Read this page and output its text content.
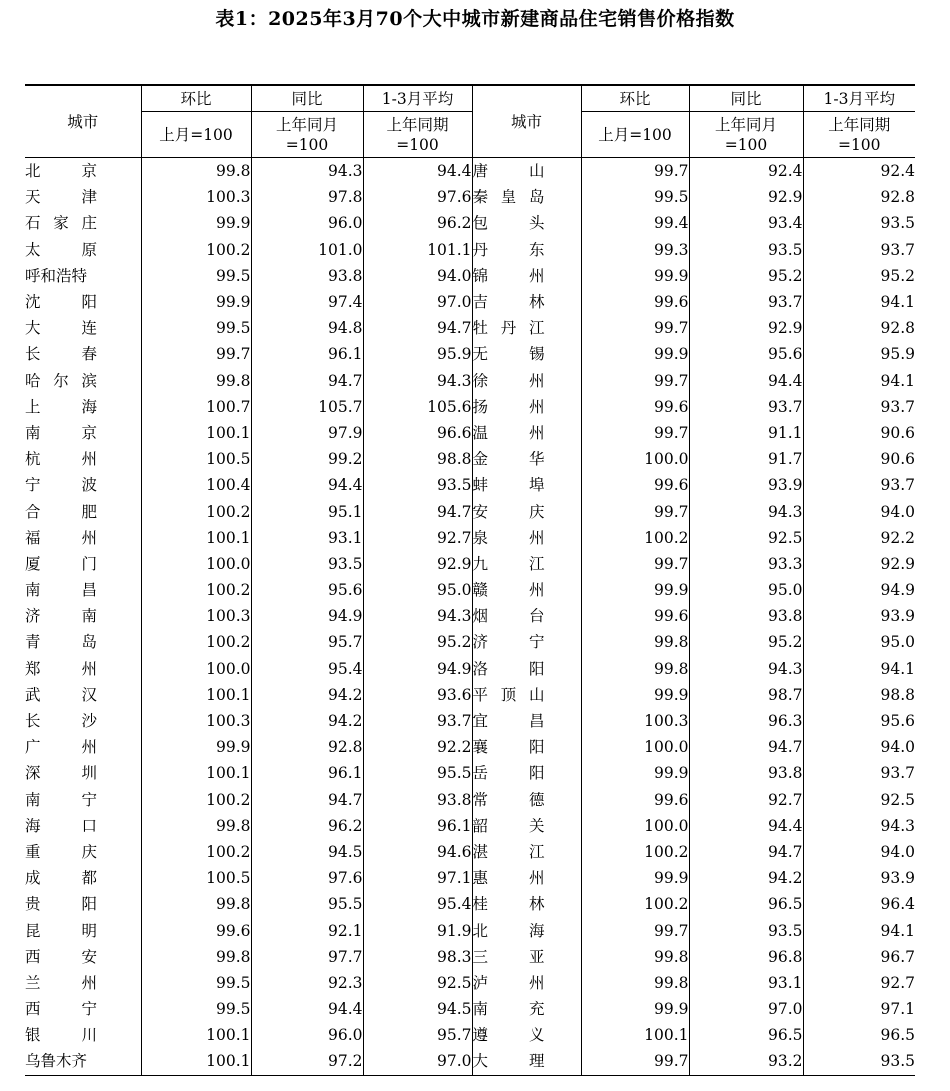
表1：2025年3月70个大中城市新建商品住宅销售价格指数
城市	环比	同比	1-3月平均	城市	环比	同比	1-3月平均
	上月=100	上年同月=100	上年同期=100		上月=100	上年同月=100	上年同期=100

北京	99.8	94.3	94.4	唐山	99.7	92.4	92.4
天津	100.3	97.8	97.6	秦皇岛	99.5	92.9	92.8
石家庄	99.9	96.0	96.2	包头	99.4	93.4	93.5
太原	100.2	101.0	101.1	丹东	99.3	93.5	93.7
呼和浩特	99.5	93.8	94.0	锦州	99.9	95.2	95.2
沈阳	99.9	97.4	97.0	吉林	99.6	93.7	94.1
大连	99.5	94.8	94.7	牡丹江	99.7	92.9	92.8
长春	99.7	96.1	95.9	无锡	99.9	95.6	95.9
哈尔滨	99.8	94.7	94.3	徐州	99.7	94.4	94.1
上海	100.7	105.7	105.6	扬州	99.6	93.7	93.7
南京	100.1	97.9	96.6	温州	99.7	91.1	90.6
杭州	100.5	99.2	98.8	金华	100.0	91.7	90.6
宁波	100.4	94.4	93.5	蚌埠	99.6	93.9	93.7
合肥	100.2	95.1	94.7	安庆	99.7	94.3	94.0
福州	100.1	93.1	92.7	泉州	100.2	92.5	92.2
厦门	100.0	93.5	92.9	九江	99.7	93.3	92.9
南昌	100.2	95.6	95.0	赣州	99.9	95.0	94.9
济南	100.3	94.9	94.3	烟台	99.6	93.8	93.9
青岛	100.2	95.7	95.2	济宁	99.8	95.2	95.0
郑州	100.0	95.4	94.9	洛阳	99.8	94.3	94.1
武汉	100.1	94.2	93.6	平顶山	99.9	98.7	98.8
长沙	100.3	94.2	93.7	宜昌	100.3	96.3	95.6
广州	99.9	92.8	92.2	襄阳	100.0	94.7	94.0
深圳	100.1	96.1	95.5	岳阳	99.9	93.8	93.7
南宁	100.2	94.7	93.8	常德	99.6	92.7	92.5
海口	99.8	96.2	96.1	韶关	100.0	94.4	94.3
重庆	100.2	94.5	94.6	湛江	100.2	94.7	94.0
成都	100.5	97.6	97.1	惠州	99.9	94.2	93.9
贵阳	99.8	95.5	95.4	桂林	100.2	96.5	96.4
昆明	99.6	92.1	91.9	北海	99.7	93.5	94.1
西安	99.8	97.7	98.3	三亚	99.8	96.8	96.7
兰州	99.5	92.3	92.5	泸州	99.8	93.1	92.7
西宁	99.5	94.4	94.5	南充	99.9	97.0	97.1
银川	100.1	96.0	95.7	遵义	100.1	96.5	96.5
乌鲁木齐	100.1	97.2	97.0	大理	99.7	93.2	93.5
